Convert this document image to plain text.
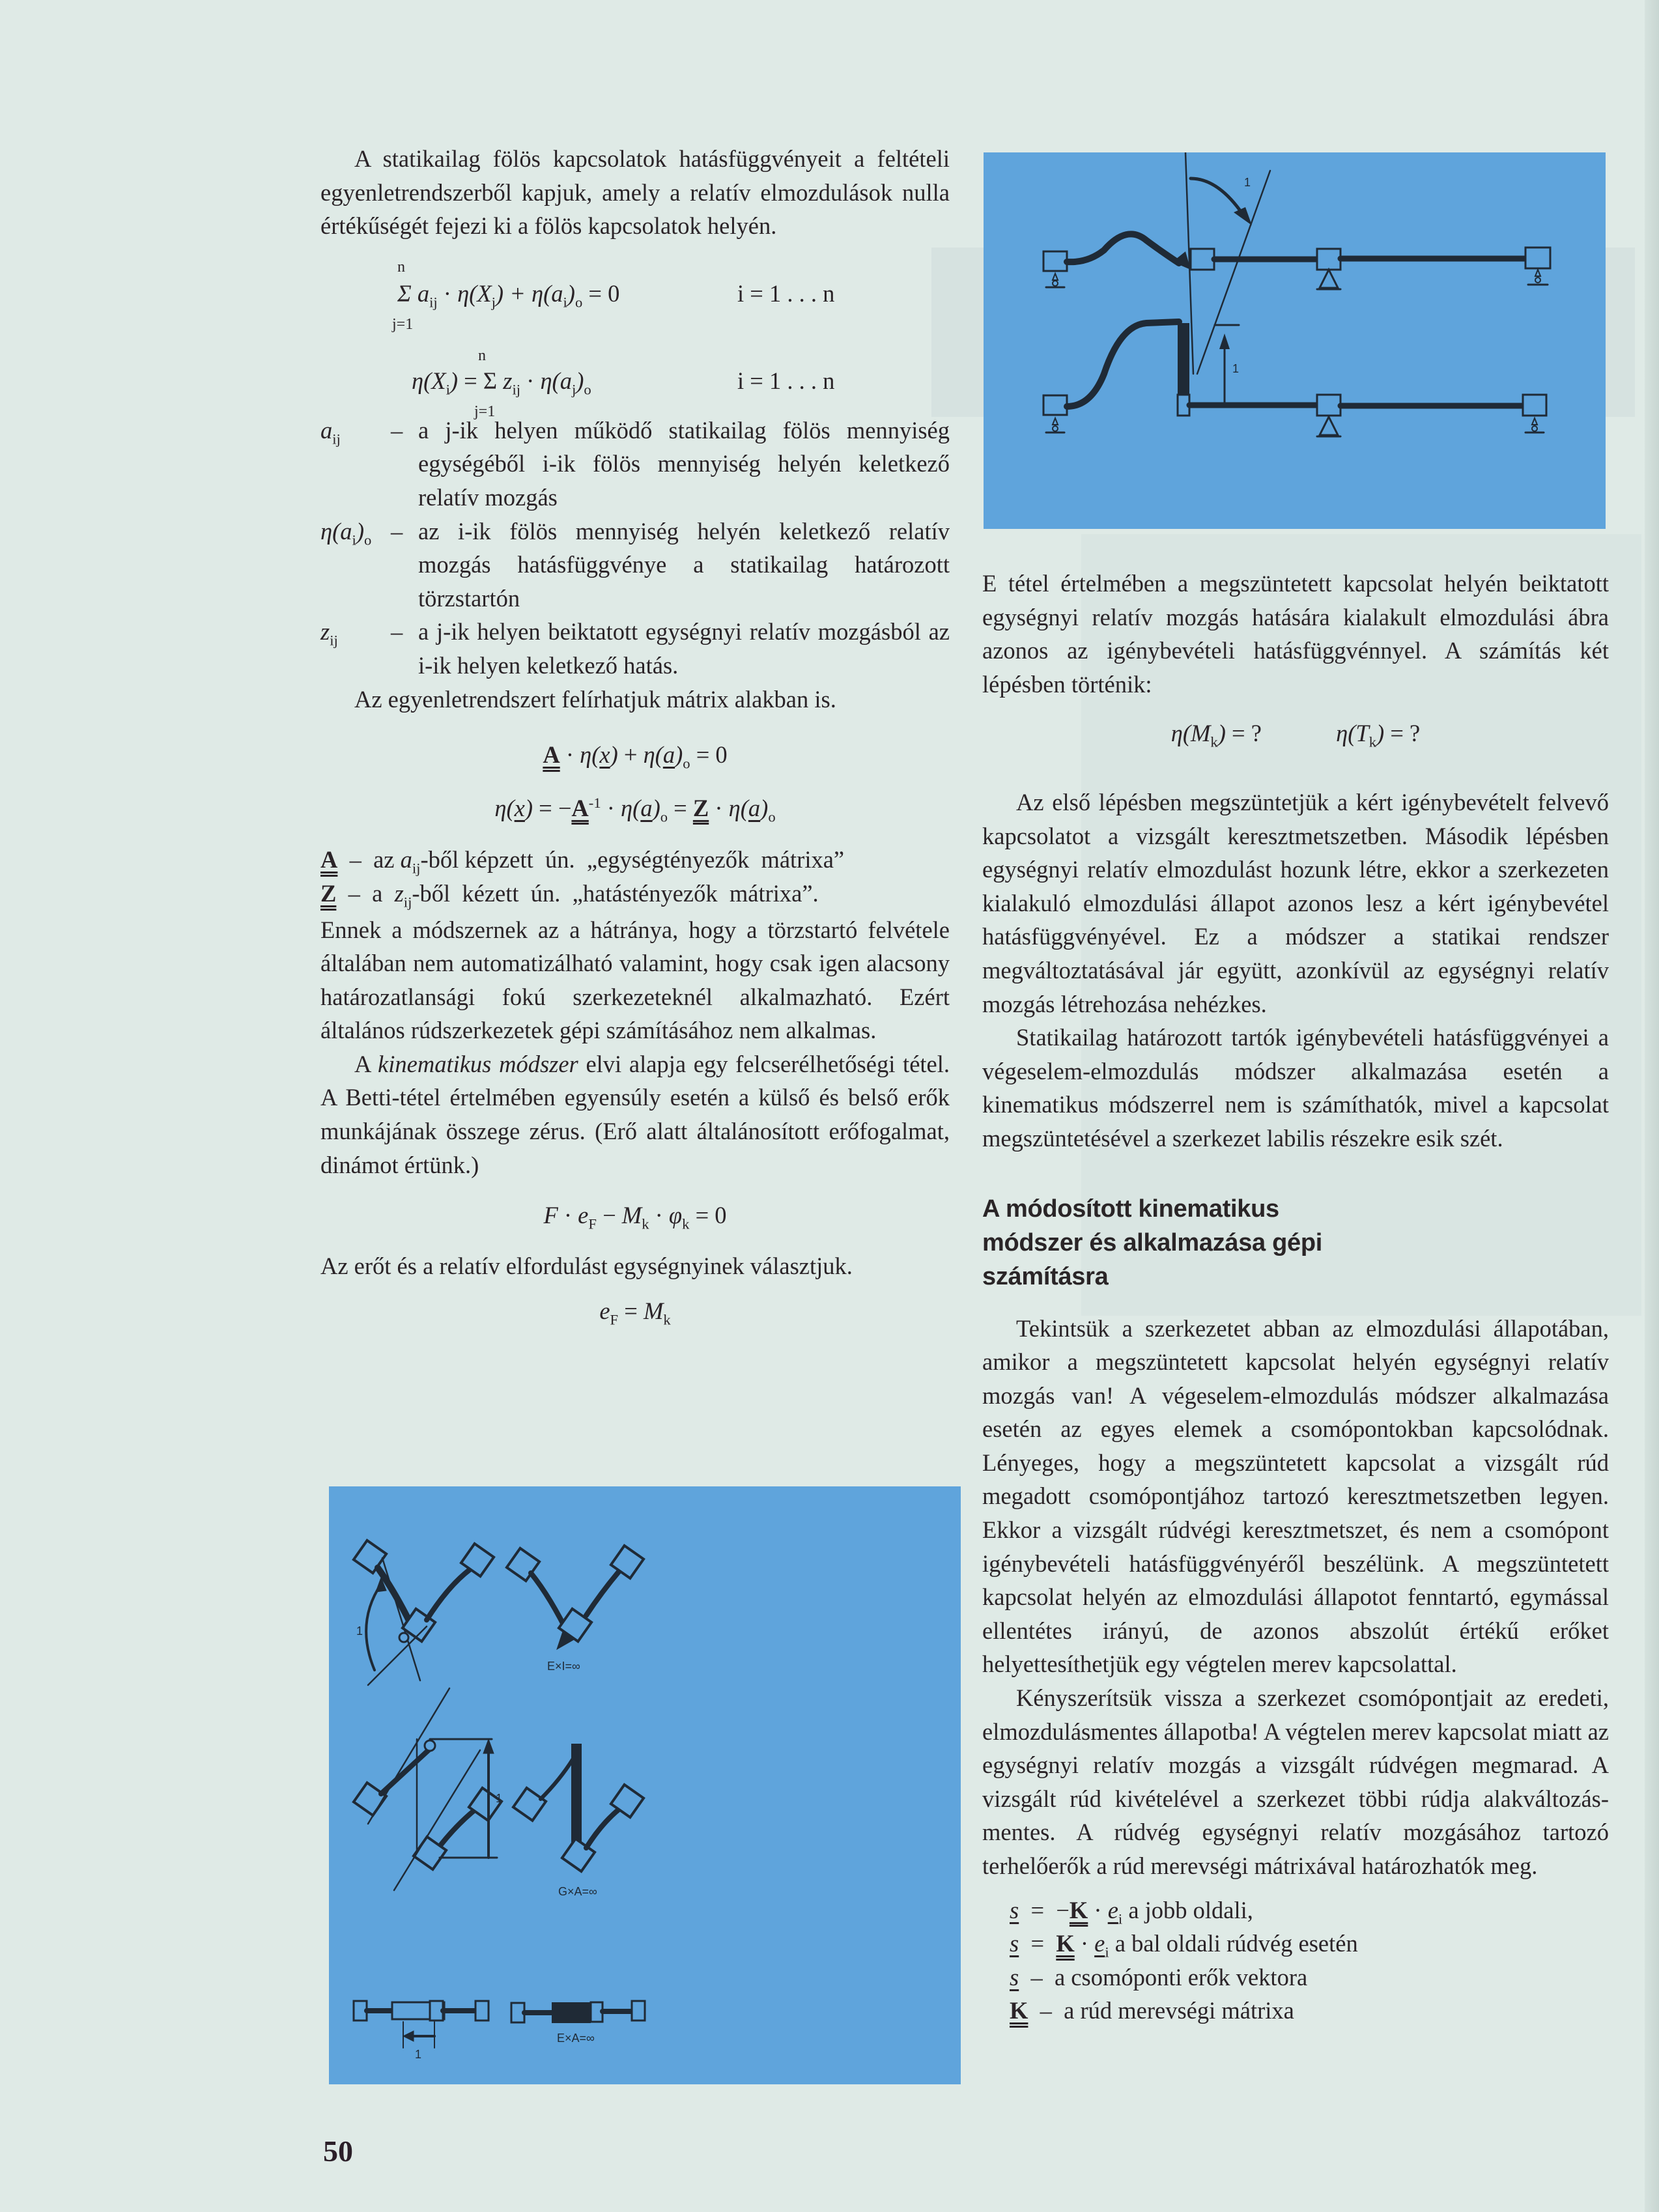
A statikailag fölös kapcsolatok hatásfüggvényeit a feltételi egyenletrendszerből kapjuk, amely a relatív elmozdulások nulla értékűségét fejezi ki a fölös kapcsolatok helyén.

n
Σ $a_{ij} \cdot \eta(X_j) + \eta(a_i)_o = 0$
j=1
i = 1 . . . n
n
$\eta(X_i) = \Sigma$ $z_{ij} \cdot \eta(a_j)_o$
j=1
i = 1 . . . n
$a_{ij}$	– a j-ik helyen működő statikailag fölös mennyiség egységéből i-ik fölös mennyiség helyén keletkező relatív mozgás
$\eta(a_i)_o$ – az i-ik fölös mennyiség helyén keletkező relatív mozgás hatásfüggvénye a statikailag határozott törzstartón
$z_{ij}$	– a j-ik helyen beiktatott egységnyi relatív mozgásból az i-ik helyen keletkező hatás.

Az egyenletrendszert felírhatjuk mátrix alakban is.

$A \cdot \eta(x) + \eta(a)_o = 0$
$\eta(x) = -A^{-1} \cdot \eta(a)_o = Z \cdot \eta(a)_o$
A  –  az $a_{ij}$-ből képzett  ún.  „egységtényezők  mátrixa”
Z  –  a  $z_{ij}$-ből  kézett  ún.  „hatástényezők  mátrixa”.

Ennek a módszernek az a hátránya, hogy a törzstartó felvétele általában nem automatizálható valamint, hogy csak igen alacsony határozatlansági fokú szerkezeteknél alkalmazható. Ezért általános rúdszerkezetek gépi számításához nem alkalmas.

A kinematikus módszer elvi alapja egy felcserélhetőségi tétel. A Betti-tétel értelmében egyensúly esetén a külső és belső erők munkájának összege zérus. (Erő alatt általánosított erőfogalmat, dinámot értünk.)

$F \cdot e_F - M_k \cdot \varphi_k = 0$

Az erőt és a relatív elfordulást egységnyinek választjuk.

$e_F = M_k$
1
E×I=∞
1
G×A=∞
1
E×A=∞
1
1

E tétel értelmében a megszüntetett kapcsolat helyén beiktatott egységnyi relatív mozgás hatására kialakult elmozdulási ábra azonos az igénybevételi hatásfüggvénnyel. A számítás két lépésben történik:

$\eta(M_k)$ = ?	$\eta(T_k)$ = ?

Az első lépésben megszüntetjük a kért igénybevételt felvevő kapcsolatot a vizsgált keresztmetszetben. Második lépésben egységnyi relatív elmozdulást hozunk létre, ekkor a szerkezeten kialakuló elmozdulási állapot azonos lesz a kért igénybevétel hatásfüggvényével. Ez a módszer a statikai rendszer megváltoztatásával jár együtt, azonkívül az egységnyi relatív mozgás létrehozása nehézkes.

Statikailag határozott tartók igénybevételi hatásfüggvényei a végeselem-elmozdulás módszer alkalmazása esetén a kinematikus módszerrel nem is számíthatók, mivel a kapcsolat megszüntetésével a szerkezet labilis részekre esik szét.

A módosított kinematikus módszer és alkalmazása gépi számításra

Tekintsük a szerkezetet abban az elmozdulási állapotában, amikor a megszüntetett kapcsolat helyén egységnyi relatív mozgás van! A végeselem-elmozdulás módszer alkalmazása esetén az egyes elemek a csomópontokban kapcsolódnak. Lényeges, hogy a megszüntetett kapcsolat a vizsgált rúd megadott csomópontjához tartozó keresztmetszetben legyen. Ekkor a vizsgált rúdvégi keresztmetszet, és nem a csomópont igénybevételi hatásfüggvényéről beszélünk. A megszüntetett kapcsolat helyén az elmozdulási állapotot fenntartó, egymással ellentétes irányú, de azonos abszolút értékű erőket helyettesíthetjük egy végtelen merev kapcsolattal.

Kényszerítsük vissza a szerkezet csomópontjait az eredeti, elmozdulásmentes állapotba! A végtelen merev kapcsolat miatt az egységnyi relatív mozgás a vizsgált rúdvégen megmarad. A vizsgált rúd kivételével a szerkezet többi rúdja alakváltozás-mentes. A rúdvég egységnyi relatív mozgásához tartozó terhelőerők a rúd merevségi mátrixával határozhatók meg.

$s = -K \cdot e_i$ a jobb oldali,
$s = K \cdot e_i$ a bal oldali rúdvég esetén
s  –  a csomóponti erők vektora
K  –  a rúd merevségi mátrixa
50
